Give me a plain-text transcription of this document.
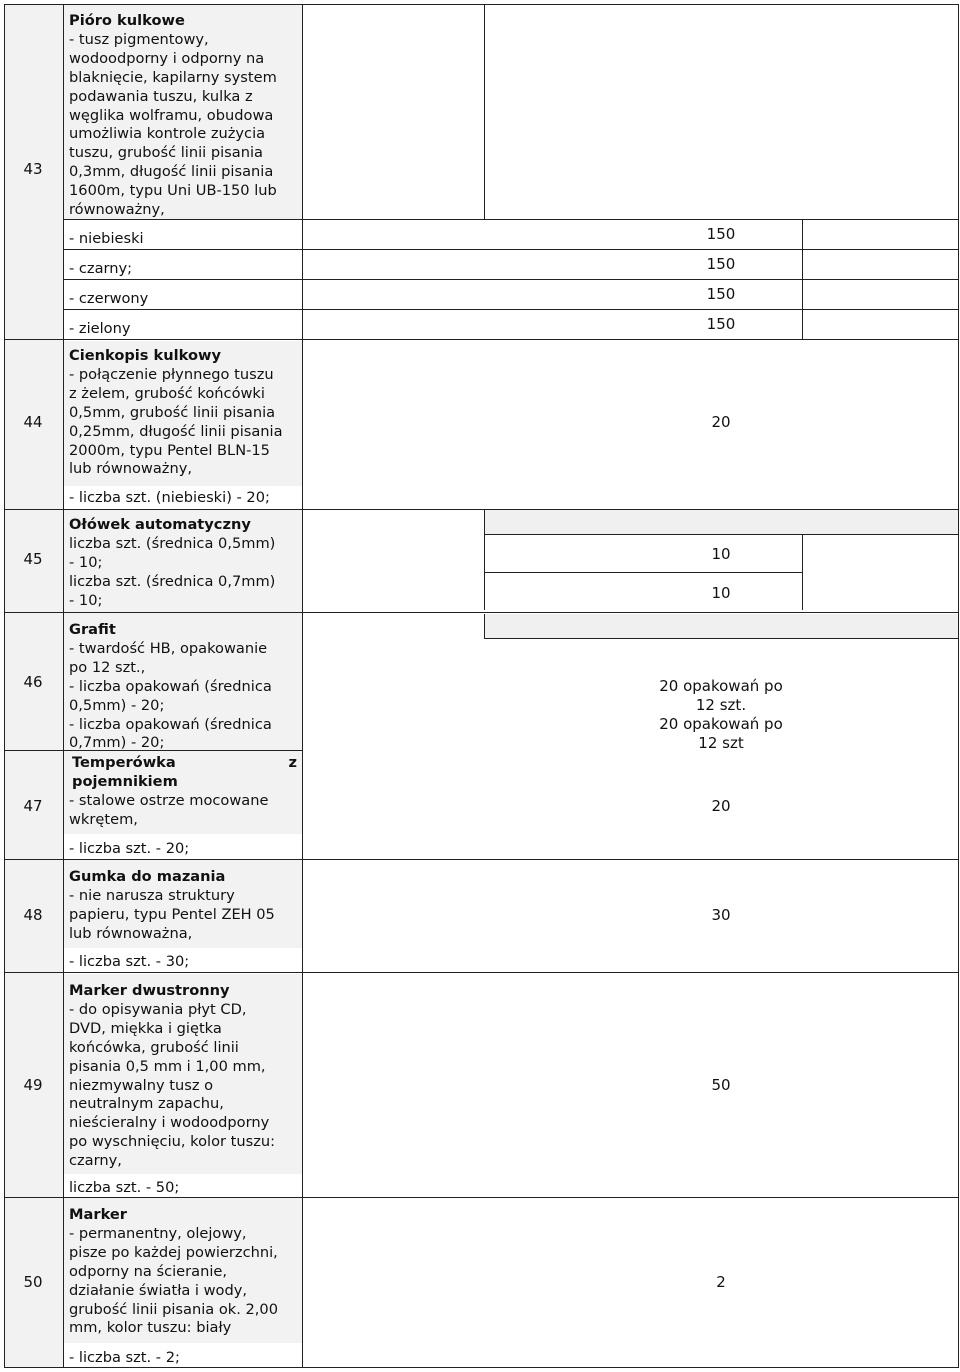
43
Pióro kulkowe
- tusz pigmentowy,
wodoodporny i odporny na
blaknięcie, kapilarny system
podawania tuszu, kulka z
węglika wolframu, obudowa
umożliwia kontrole zużycia
tuszu, grubość linii pisania
0,3mm, długość linii pisania
1600m, typu Uni UB-150 lub
równoważny,
- niebieski
- czarny;
- czerwony
- zielony
150
150
150
150
44
Cienkopis kulkowy
- połączenie płynnego tuszu
z żelem, grubość końcówki
0,5mm, grubość linii pisania
0,25mm, długość linii pisania
2000m, typu Pentel BLN-15
lub równoważny,
- liczba szt. (niebieski) - 20;
20
45
Ołówek automatyczny
liczba szt. (średnica 0,5mm)
- 10;
liczba szt. (średnica 0,7mm)
- 10;
10
10
46
Grafit
- twardość HB, opakowanie
po 12 szt.,
- liczba opakowań (średnica
0,5mm) - 20;
- liczba opakowań (średnica
0,7mm) - 20;
20 opakowań po
12 szt.
20 opakowań po
12 szt
47
Temperówka z pojemnikiem
- stalowe ostrze mocowane
wkrętem,
- liczba szt. - 20;
20
48
Gumka do mazania
- nie narusza struktury
papieru, typu Pentel ZEH 05
lub równoważna,
- liczba szt. - 30;
30
49
Marker dwustronny
- do opisywania płyt CD,
DVD, miękka i giętka
końcówka, grubość linii
pisania 0,5 mm i 1,00 mm,
niezmywalny tusz o
neutralnym zapachu,
nieścieralny i wodoodporny
po wyschnięciu, kolor tuszu:
czarny,
liczba szt. - 50;
50
50
Marker
- permanentny, olejowy,
pisze po każdej powierzchni,
odporny na ścieranie,
działanie światła i wody,
grubość linii pisania ok. 2,00
mm, kolor tuszu: biały
- liczba szt. - 2;
2
